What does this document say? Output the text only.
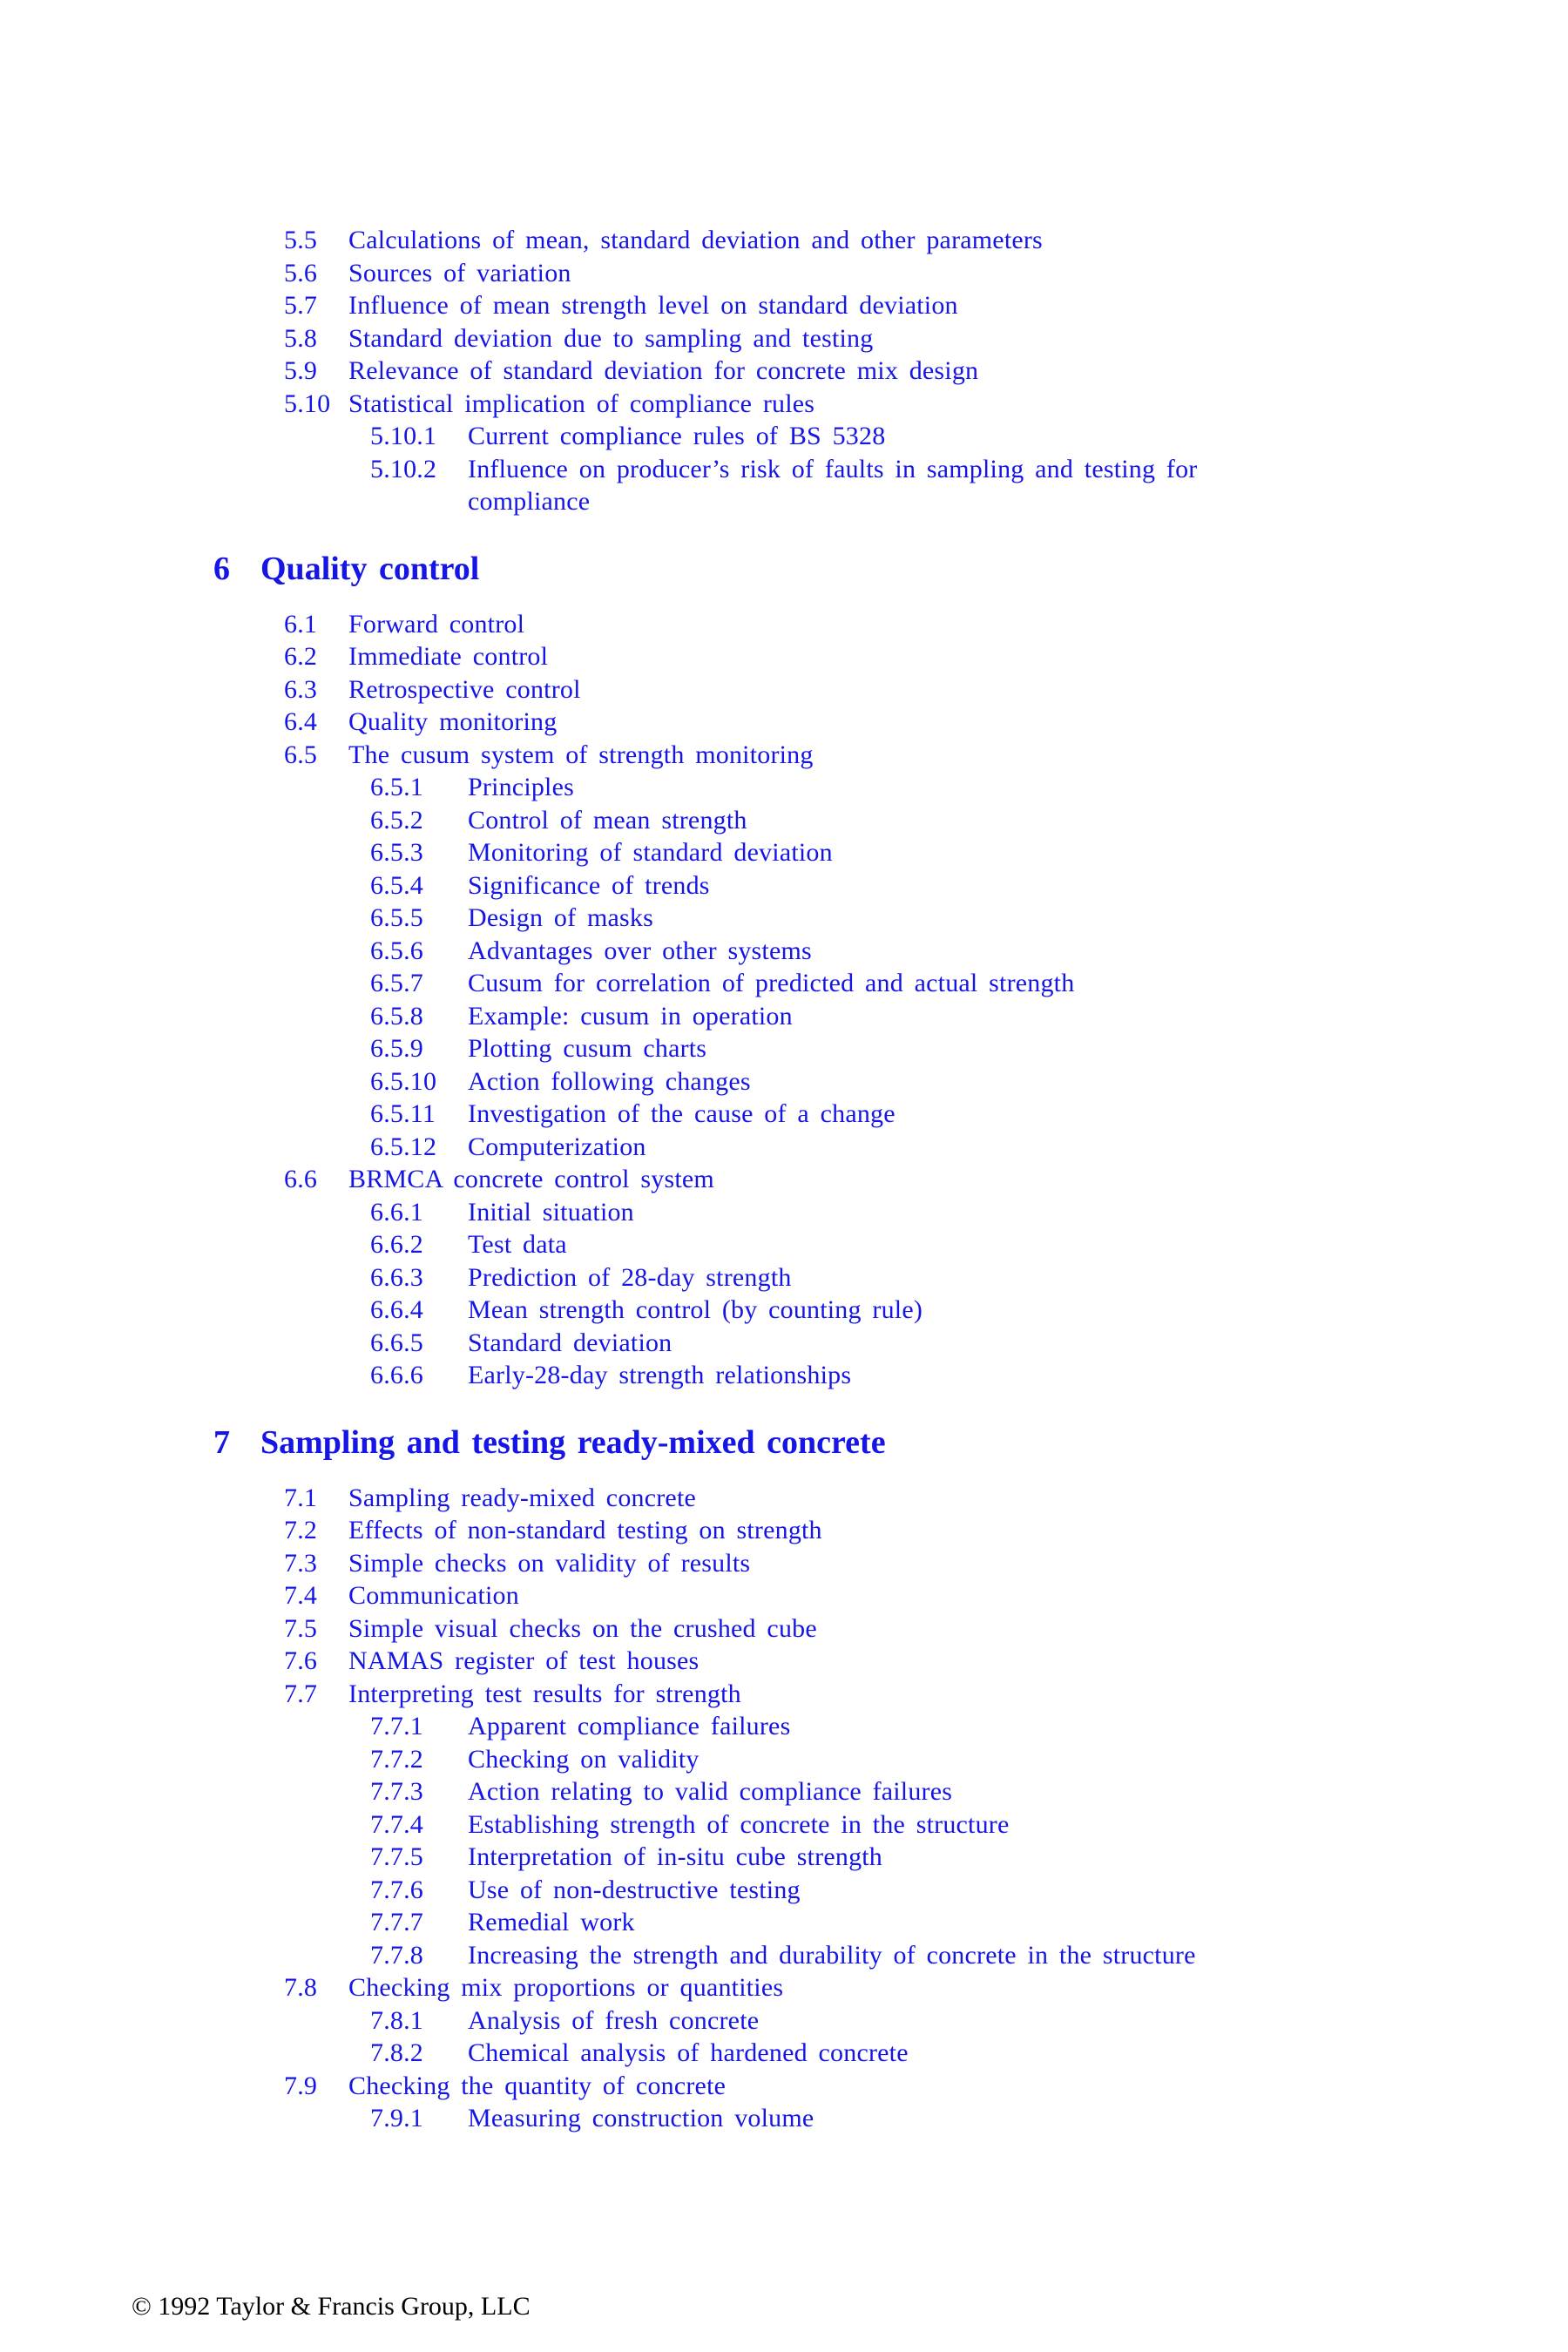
5.5 Calculations of mean, standard deviation and other parameters
5.6 Sources of variation
5.7 Influence of mean strength level on standard deviation
5.8 Standard deviation due to sampling and testing
5.9 Relevance of standard deviation for concrete mix design
5.10 Statistical implication of compliance rules
5.10.1 Current compliance rules of BS 5328
5.10.2 Influence on producer’s risk of faults in sampling and testing for
compliance
6 Quality control
6.1 Forward control
6.2 Immediate control
6.3 Retrospective control
6.4 Quality monitoring
6.5 The cusum system of strength monitoring
6.5.1 Principles
6.5.2 Control of mean strength
6.5.3 Monitoring of standard deviation
6.5.4 Significance of trends
6.5.5 Design of masks
6.5.6 Advantages over other systems
6.5.7 Cusum for correlation of predicted and actual strength
6.5.8 Example: cusum in operation
6.5.9 Plotting cusum charts
6.5.10 Action following changes
6.5.11 Investigation of the cause of a change
6.5.12 Computerization
6.6 BRMCA concrete control system
6.6.1 Initial situation
6.6.2 Test data
6.6.3 Prediction of 28-day strength
6.6.4 Mean strength control (by counting rule)
6.6.5 Standard deviation
6.6.6 Early-28-day strength relationships
7 Sampling and testing ready-mixed concrete
7.1 Sampling ready-mixed concrete
7.2 Effects of non-standard testing on strength
7.3 Simple checks on validity of results
7.4 Communication
7.5 Simple visual checks on the crushed cube
7.6 NAMAS register of test houses
7.7 Interpreting test results for strength
7.7.1 Apparent compliance failures
7.7.2 Checking on validity
7.7.3 Action relating to valid compliance failures
7.7.4 Establishing strength of concrete in the structure
7.7.5 Interpretation of in-situ cube strength
7.7.6 Use of non-destructive testing
7.7.7 Remedial work
7.7.8 Increasing the strength and durability of concrete in the structure
7.8 Checking mix proportions or quantities
7.8.1 Analysis of fresh concrete
7.8.2 Chemical analysis of hardened concrete
7.9 Checking the quantity of concrete
7.9.1 Measuring construction volume
© 1992 Taylor & Francis Group, LLC
